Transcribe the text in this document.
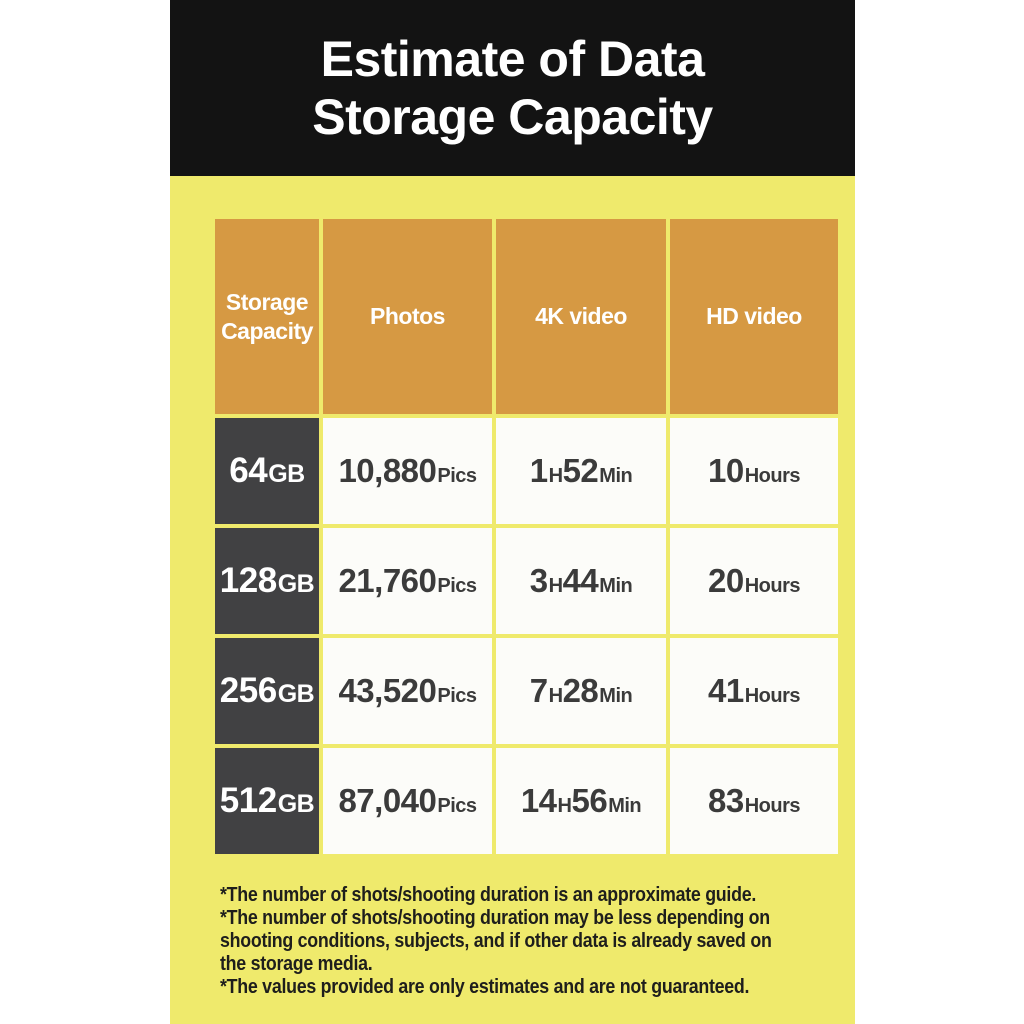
Estimate of Data
Storage Capacity
Storage
Capacity
Photos	4K video	HD video
64 GB 10,880 Pics 1 H 52 Min 10 Hours
128 GB 21,760 Pics 3 H 44 Min 20 Hours
256 GB 43,520 Pics 7 H 28 Min 41 Hours
512 GB 87,040 Pics 14 H 56 Min 83 Hours
*The number of shots/shooting duration is an approximate guide.
*The number of shots/shooting duration may be less depending on
shooting conditions, subjects, and if other data is already saved on
the storage media.
*The values provided are only estimates and are not guaranteed.
